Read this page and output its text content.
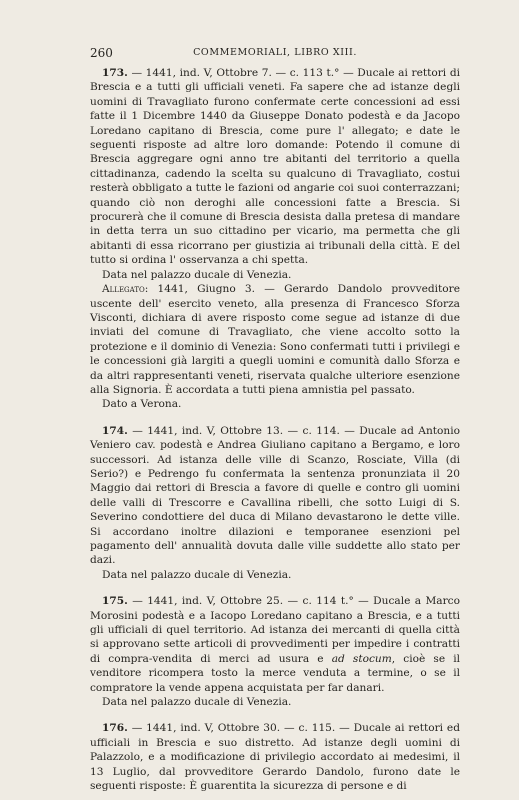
260	COMMEMORIALI, LIBRO XIII.

173. — 1441, ind. V, Ottobre 7. — c. 113 t.° — Ducale ai rettori di Brescia e a tutti gli ufficiali veneti. Fa sapere che ad istanze degli uomini di Travagliato furono confermate certe concessioni ad essi fatte il 1 Dicembre 1440 da Giuseppe Donato podestà e da Jacopo Loredano capitano di Brescia, come pure l' allegato; e date le seguenti risposte ad altre loro domande: Potendo il comune di Brescia aggregare ogni anno tre abitanti del territorio a quella cittadinanza, cadendo la scelta su qualcuno di Travagliato, costui resterà obbligato a tutte le fazioni od angarie coi suoi conterrazzani; quando ciò non deroghi alle concessioni fatte a Brescia. Si procurerà che il comune di Brescia desista dalla pretesa di mandare in detta terra un suo cittadino per vicario, ma permetta che gli abitanti di essa ricorrano per giustizia ai tribunali della città. E del tutto si ordina l' osservanza a chi spetta.

Data nel palazzo ducale di Venezia.

Allegato: 1441, Giugno 3. — Gerardo Dandolo provveditore uscente dell' esercito veneto, alla presenza di Francesco Sforza Visconti, dichiara di avere risposto come segue ad istanze di due inviati del comune di Travagliato, che viene accolto sotto la protezione e il dominio di Venezia: Sono confermati tutti i privilegi e le concessioni già largiti a quegli uomini e comunità dallo Sforza e da altri rappresentanti veneti, riservata qualche ulteriore esenzione alla Signoria. È accordata a tutti piena amnistia pel passato.

Dato a Verona.

174. — 1441, ind. V, Ottobre 13. — c. 114. — Ducale ad Antonio Veniero cav. podestà e Andrea Giuliano capitano a Bergamo, e loro successori. Ad istanza delle ville di Scanzo, Rosciate, Villa (di Serio?) e Pedrengo fu confermata la sentenza pronunziata il 20 Maggio dai rettori di Brescia a favore di quelle e contro gli uomini delle valli di Trescorre e Cavallina ribelli, che sotto Luigi di S. Severino condottiere del duca di Milano devastarono le dette ville. Si accordano inoltre dilazioni e temporanee esenzioni pel pagamento dell' annualità dovuta dalle ville suddette allo stato per dazi.

Data nel palazzo ducale di Venezia.

175. — 1441, ind. V, Ottobre 25. — c. 114 t.° — Ducale a Marco Morosini podestà e a Iacopo Loredano capitano a Brescia, e a tutti gli ufficiali di quel territorio. Ad istanza dei mercanti di quella città si approvano sette articoli di provvedimenti per impedire i contratti di compra-vendita di merci ad usura e ad stocum, cioè se il venditore ricompera tosto la merce venduta a termine, o se il compratore la vende appena acquistata per far danari.

Data nel palazzo ducale di Venezia.

176. — 1441, ind. V, Ottobre 30. — c. 115. — Ducale ai rettori ed ufficiali in Brescia e suo distretto. Ad istanze degli uomini di Palazzolo, e a modificazione di privilegio accordato ai medesimi, il 13 Luglio, dal provveditore Gerardo Dandolo, furono date le seguenti risposte: È guarentita la sicurezza di persone e di
